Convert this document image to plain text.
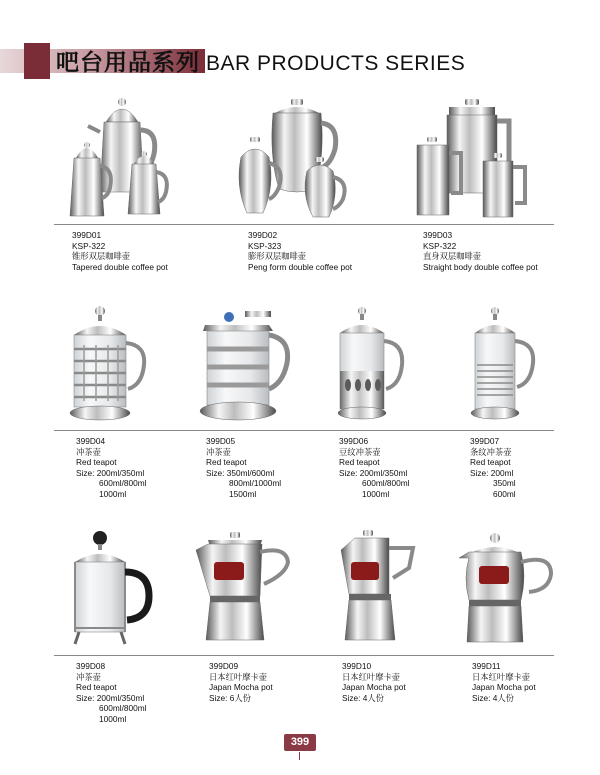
吧台用品系列 BAR PRODUCTS SERIES
399D01
KSP-322
锥形双层咖啡壶
Tapered double coffee pot
399D02
KSP-323
膨形双层咖啡壶
Peng form double coffee pot
399D03
KSP-322
直身双层咖啡壶
Straight body double coffee pot
399D04
冲茶壶
Red teapot
Size: 200ml/350ml
600ml/800ml
1000ml
399D05
冲茶壶
Red teapot
Size: 350ml/600ml
800ml/1000ml
1500ml
399D06
豆纹冲茶壶
Red teapot
Size: 200ml/350ml
600ml/800ml
1000ml
399D07
条纹冲茶壶
Red teapot
Size: 200ml
350ml
600ml
399D08
冲茶壶
Red teapot
Size: 200ml/350ml
600ml/800ml
1000ml
399D09
日本红叶摩卡壶
Japan Mocha pot
Size: 6人份
399D10
日本红叶摩卡壶
Japan Mocha pot
Size: 4人份
399D11
日本红叶摩卡壶
Japan Mocha pot
Size: 4人份
399
